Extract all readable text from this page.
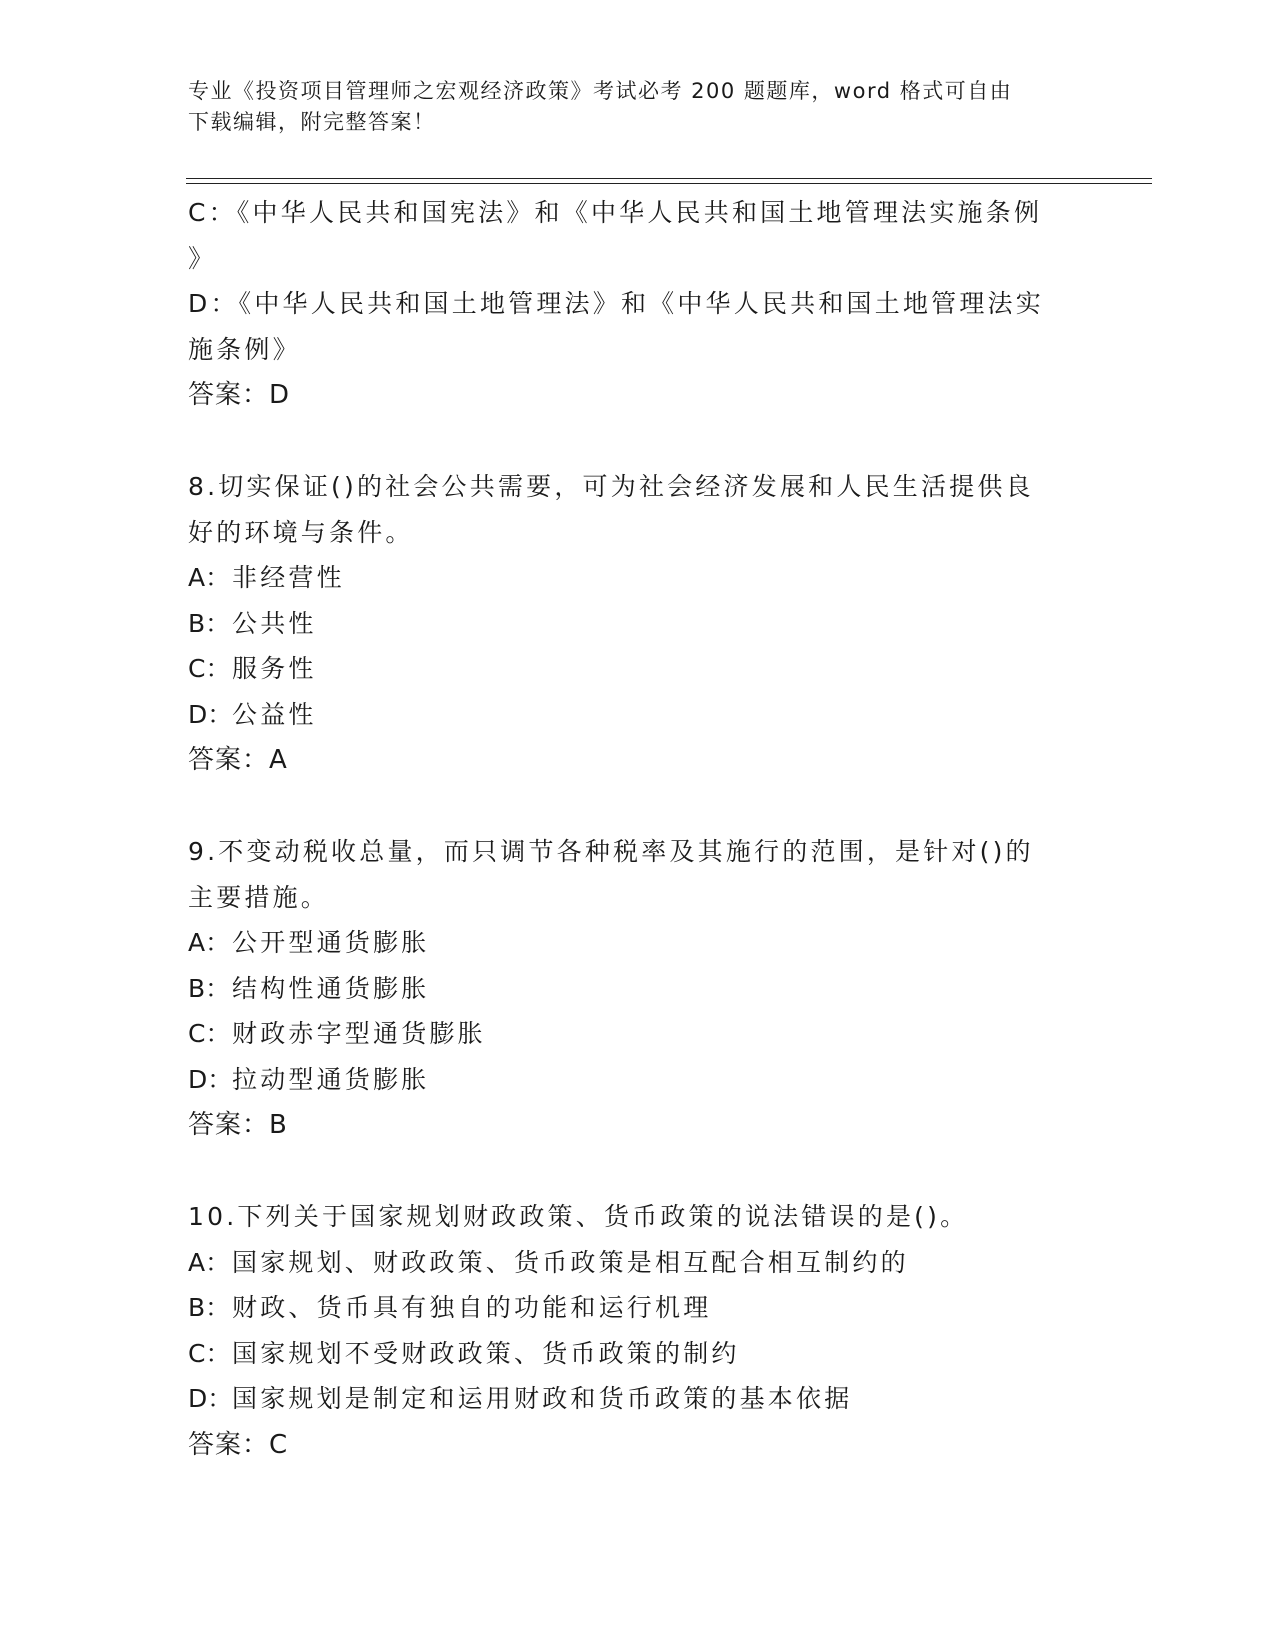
专业《投资项目管理师之宏观经济政策》考试必考 200 题题库，word 格式可自由
下载编辑，附完整答案！
C：《中华人民共和国宪法》和《中华人民共和国土地管理法实施条例
》
D：《中华人民共和国土地管理法》和《中华人民共和国土地管理法实
施条例》
答案：D
8.切实保证()的社会公共需要，可为社会经济发展和人民生活提供良
好的环境与条件。
A：非经营性
B：公共性
C：服务性
D：公益性
答案：A
9.不变动税收总量，而只调节各种税率及其施行的范围，是针对()的
主要措施。
A：公开型通货膨胀
B：结构性通货膨胀
C：财政赤字型通货膨胀
D：拉动型通货膨胀
答案：B
10.下列关于国家规划财政政策、货币政策的说法错误的是()。
A：国家规划、财政政策、货币政策是相互配合相互制约的
B：财政、货币具有独自的功能和运行机理
C：国家规划不受财政政策、货币政策的制约
D：国家规划是制定和运用财政和货币政策的基本依据
答案：C
